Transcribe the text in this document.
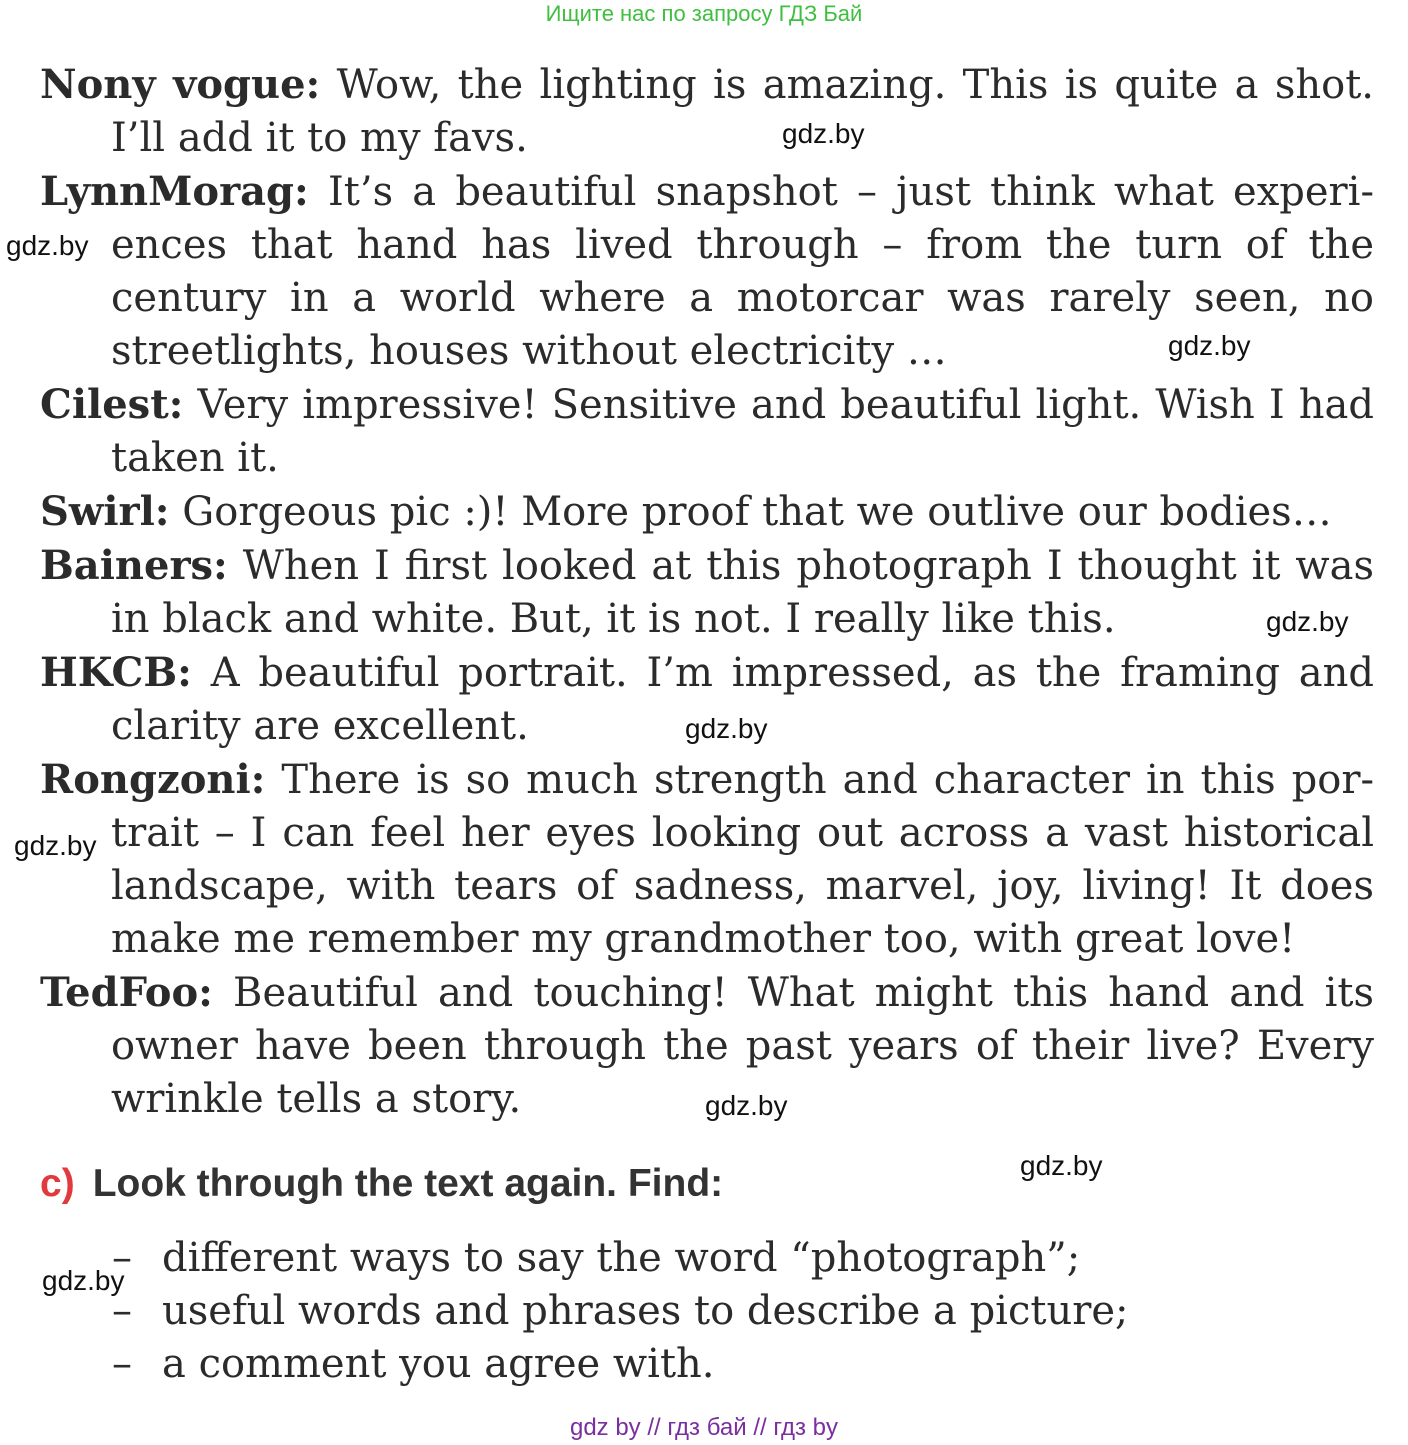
Ищите нас по запросу ГДЗ Бай

Nony vogue: Wow, the lighting is amazing. This is quite a shot. I’ll add it to my favs.

LynnMorag: It’s a beautiful snapshot – just think what experiences that hand has lived through – from the turn of the century in a world where a motorcar was rarely seen, no streetlights, houses without electricity …

Cilest: Very impressive! Sensitive and beautiful light. Wish I had taken it.

Swirl: Gorgeous pic :)! More proof that we outlive our bodies…

Bainers: When I first looked at this photograph I thought it was in black and white. But, it is not. I really like this.

HKCB: A beautiful portrait. I’m impressed, as the framing and clarity are excellent.

Rongzoni: There is so much strength and character in this portrait – I can feel her eyes looking out across a vast historical landscape, with tears of sadness, marvel, joy, living! It does make me remember my grandmother too, with great love!

TedFoo: Beautiful and touching! What might this hand and its owner have been through the past years of their live? Every wrinkle tells a story.

gdz.by
gdz.by
gdz.by
gdz.by
gdz.by
gdz.by
gdz.by
gdz.by
gdz.by
c) Look through the text again. Find:
– different ways to say the word “photograph”;
– useful words and phrases to describe a picture;
– a comment you agree with.
gdz by // гдз бай // гдз by
